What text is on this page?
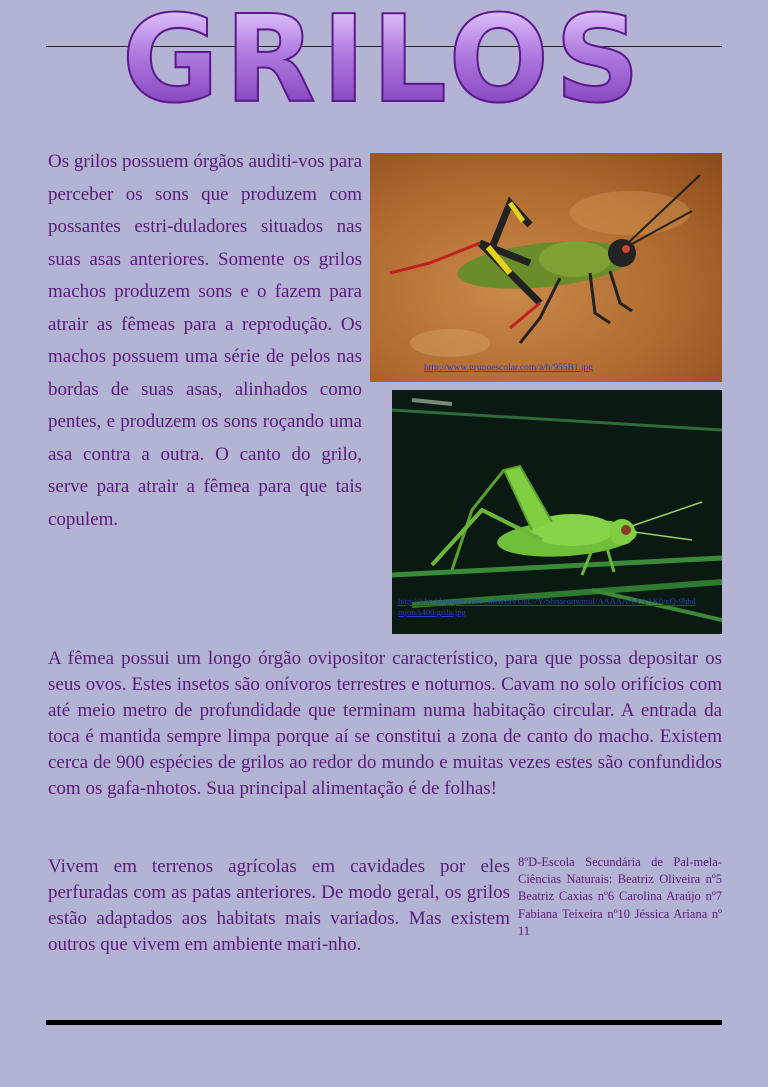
GRILOS
Os grilos possuem órgãos auditi-vos para perceber os sons que produzem com possantes estri-duladores situados nas suas asas anteriores. Somente os grilos machos produzem sons e o fazem para atrair as fêmeas para a reprodução. Os machos possuem uma série de pelos nas bordas de suas asas, alinhados como pentes, e produzem os sons roçando uma asa contra a outra. O canto do grilo, serve para atrair a fêmea para que tais copulem.
http://www.grupoescolar.com/a/b/955B1.jpg
http://3.bp.blogspot.com/_mHzfaVUaU7Y/SbnaeqnwmuI/AAAAAAAAAK0/nQ-9hbdmjtm/s400/grilo.jpg
A fêmea possui um longo órgão ovipositor característico, para que possa depositar os seus ovos. Estes insetos são onívoros terrestres e noturnos. Cavam no solo orifícios com até meio metro de profundidade que terminam numa habitação circular. A entrada da toca é mantida sempre limpa porque aí se constitui a zona de canto do macho. Existem cerca de 900 espécies de grilos ao redor do mundo e muitas vezes estes são confundidos com os gafa-nhotos. Sua principal alimentação é de folhas!
Vivem em terrenos agrícolas em cavidades por eles perfuradas com as patas anteriores. De modo geral, os grilos estão adaptados aos habitats mais variados. Mas existem outros que vivem em ambiente mari-nho.
8ºD-Escola Secundária de Pal-mela-Ciências Naturais: Beatriz Oliveira nº5 Beatriz Caxias nº6 Carolina Araújo nº7 Fabiana Teixeira nº10 Jéssica Ariana nº 11
